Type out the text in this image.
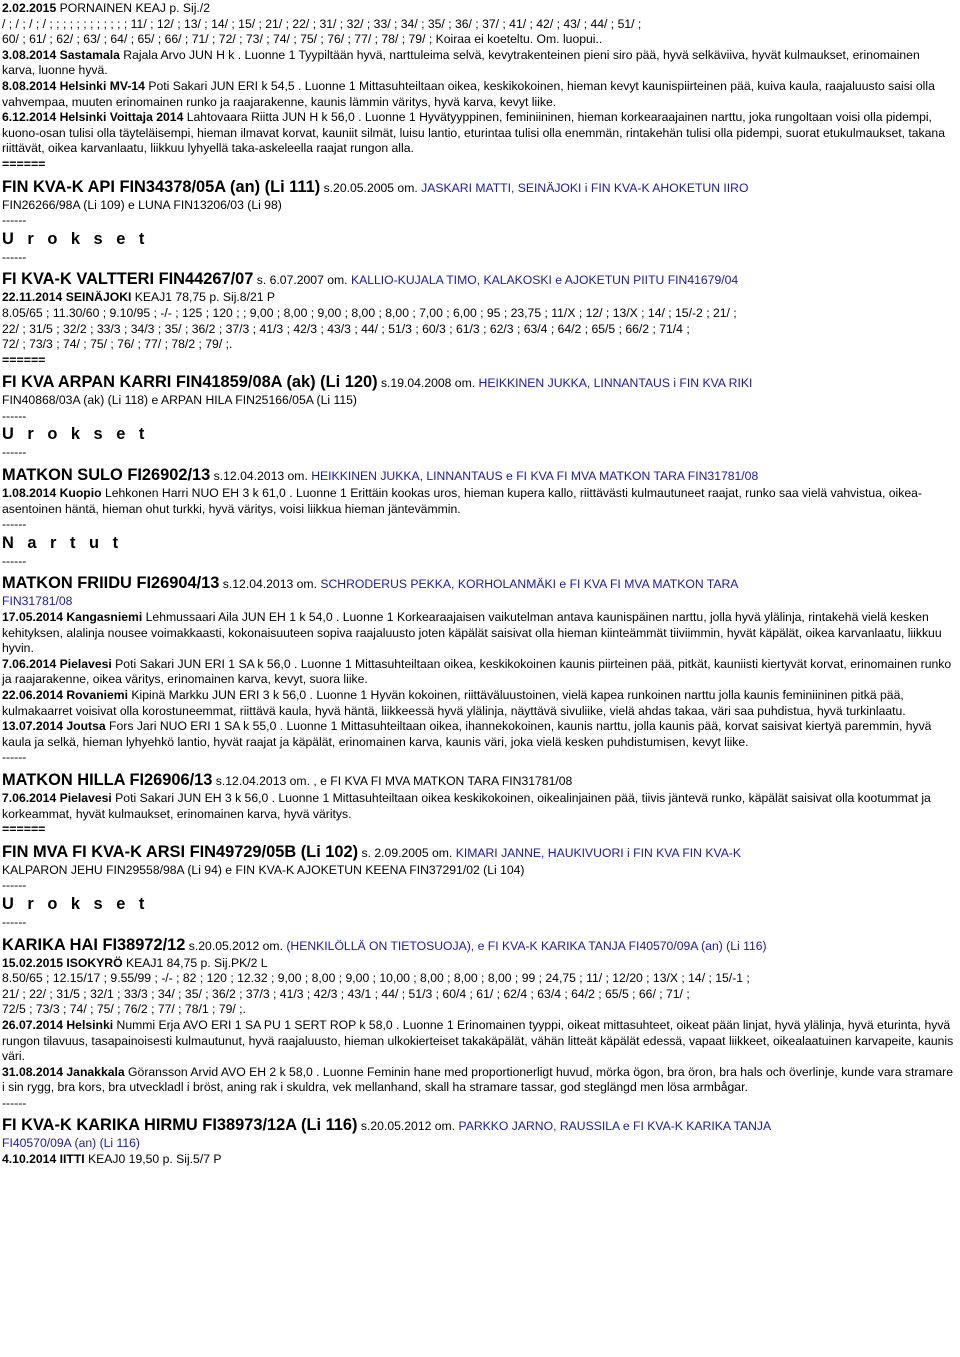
2.02.2015 PORNAINEN KEAJ p. Sij./2
/ ; / ; / ; / ; ; ; ; ; ; ; ; ; ; ; ; 11/ ; 12/ ; 13/ ; 14/ ; 15/ ; 21/ ; 22/ ; 31/ ; 32/ ; 33/ ; 34/ ; 35/ ; 36/ ; 37/ ; 41/ ; 42/ ; 43/ ; 44/ ; 51/ ;
60/ ; 61/ ; 62/ ; 63/ ; 64/ ; 65/ ; 66/ ; 71/ ; 72/ ; 73/ ; 74/ ; 75/ ; 76/ ; 77/ ; 78/ ; 79/ ; Koiraa ei koeteltu. Om. luopui..
3.08.2014 Sastamala Rajala Arvo JUN H k . Luonne 1 Tyypiltään hyvä, narttuleima selvä, kevytrakenteinen pieni siro pää, hyvä selkäviiva, hyvät kulmaukset, erinomainen karva, luonne hyvä.
8.08.2014 Helsinki MV-14 Poti Sakari JUN ERI k 54,5 . Luonne 1 Mittasuhteiltaan oikea, keskikokoinen, hieman kevyt kaunispiirteinen pää, kuiva kaula, raajaluusto saisi olla vahvempaa, muuten erinomainen runko ja raajarakenne, kaunis lämmin väritys, hyvä karva, kevyt liike.
6.12.2014 Helsinki Voittaja 2014 Lahtovaara Riitta JUN H k 56,0 . Luonne 1 Hyvätyyppinen, feminiininen, hieman korkearaajainen narttu, joka rungoltaan voisi olla pidempi, kuono-osan tulisi olla täyteläisempi, hieman ilmavat korvat, kauniit silmät, luisu lantio, eturintaa tulisi olla enemmän, rintakehän tulisi olla pidempi, suorat etukulmaukset, takana riittävät, oikea karvanlaatu, liikkuu lyhyellä taka-askeleella raajat rungon alla.
======
FIN KVA-K API FIN34378/05A (an) (Li 111) s.20.05.2005 om. JASKARI MATTI, SEINÄJOKI i FIN KVA-K AHOKETUN IIRO
FIN26266/98A (Li 109) e LUNA FIN13206/03 (Li 98)
------
U r o k s e t
------
FI KVA-K VALTTERI FIN44267/07 s. 6.07.2007 om. KALLIO-KUJALA TIMO, KALAKOSKI e AJOKETUN PIITU FIN41679/04
22.11.2014 SEINÄJOKI KEAJ1 78,75 p. Sij.8/21 P
8.05/65 ; 11.30/60 ; 9.10/95 ; -/- ; 125 ; 120 ; ; 9,00 ; 8,00 ; 9,00 ; 8,00 ; 8,00 ; 7,00 ; 6,00 ; 95 ; 23,75 ; 11/X ; 12/ ; 13/X ; 14/ ; 15/-2 ; 21/ ;
22/ ; 31/5 ; 32/2 ; 33/3 ; 34/3 ; 35/ ; 36/2 ; 37/3 ; 41/3 ; 42/3 ; 43/3 ; 44/ ; 51/3 ; 60/3 ; 61/3 ; 62/3 ; 63/4 ; 64/2 ; 65/5 ; 66/2 ; 71/4 ;
72/ ; 73/3 ; 74/ ; 75/ ; 76/ ; 77/ ; 78/2 ; 79/ ;.
======
FI KVA ARPAN KARRI FIN41859/08A (ak) (Li 120) s.19.04.2008 om. HEIKKINEN JUKKA, LINNANTAUS i FIN KVA RIKI
FIN40868/03A (ak) (Li 118) e ARPAN HILA FIN25166/05A (Li 115)
------
U r o k s e t
------
MATKON SULO FI26902/13 s.12.04.2013 om. HEIKKINEN JUKKA, LINNANTAUS e FI KVA FI MVA MATKON TARA FIN31781/08
1.08.2014 Kuopio Lehkonen Harri NUO EH 3 k 61,0 . Luonne 1 Erittäin kookas uros, hieman kupera kallo, riittävästi kulmautuneet raajat, runko saa vielä vahvistua, oikea-asentoinen häntä, hieman ohut turkki, hyvä väritys, voisi liikkua hieman jäntevämmin.
------
N a r t u t
------
MATKON FRIIDU FI26904/13 s.12.04.2013 om. SCHRODERUS PEKKA, KORHOLANMÄKI e FI KVA FI MVA MATKON TARA
FIN31781/08
17.05.2014 Kangasniemi Lehmussaari Aila JUN EH 1 k 54,0 . Luonne 1 Korkearaajaisen vaikutelman antava kaunispäinen narttu, jolla hyvä ylälinja, rintakehä vielä kesken kehityksen, alalinja nousee voimakkaasti, kokonaisuuteen sopiva raajaluusto joten käpälät saisivat olla hieman kiinteämmät tiiviimmin, hyvät käpälät, oikea karvanlaatu, liikkuu hyvin.
7.06.2014 Pielavesi Poti Sakari JUN ERI 1 SA k 56,0 . Luonne 1 Mittasuhteiltaan oikea, keskikokoinen kaunis piirteinen pää, pitkät, kauniisti kiertyvät korvat, erinomainen runko ja raajarakenne, oikea väritys, erinomainen karva, kevyt, suora liike.
22.06.2014 Rovaniemi Kipinä Markku JUN ERI 3 k 56,0 . Luonne 1 Hyvän kokoinen, riittäväluustoinen, vielä kapea runkoinen narttu jolla kaunis feminiininen pitkä pää, kulmakaarret voisivat olla korostuneemmat, riittävä kaula, hyvä häntä, liikkeessä hyvä ylälinja, näyttävä sivuliike, vielä ahdas takaa, väri saa puhdistua, hyvä turkinlaatu.
13.07.2014 Joutsa Fors Jari NUO ERI 1 SA k 55,0 . Luonne 1 Mittasuhteiltaan oikea, ihannekokoinen, kaunis narttu, jolla kaunis pää, korvat saisivat kiertyä paremmin, hyvä kaula ja selkä, hieman lyhyehkö lantio, hyvät raajat ja käpälät, erinomainen karva, kaunis väri, joka vielä kesken puhdistumisen, kevyt liike.
------
MATKON HILLA FI26906/13 s.12.04.2013 om. , e FI KVA FI MVA MATKON TARA FIN31781/08
7.06.2014 Pielavesi Poti Sakari JUN EH 3 k 56,0 . Luonne 1 Mittasuhteiltaan oikea keskikokoinen, oikealinjainen pää, tiivis jäntevä runko, käpälät saisivat olla kootummat ja korkeammat, hyvät kulmaukset, erinomainen karva, hyvä väritys.
======
FIN MVA FI KVA-K ARSI FIN49729/05B (Li 102) s. 2.09.2005 om. KIMARI JANNE, HAUKIVUORI i FIN KVA FIN KVA-K
KALPARON JEHU FIN29558/98A (Li 94) e FIN KVA-K AJOKETUN KEENA FIN37291/02 (Li 104)
------
U r o k s e t
------
KARIKA HAI FI38972/12 s.20.05.2012 om. (HENKILÖLLÄ ON TIETOSUOJA), e FI KVA-K KARIKA TANJA FI40570/09A (an) (Li 116)
15.02.2015 ISOKYRÖ KEAJ1 84,75 p. Sij.PK/2 L
8.50/65 ; 12.15/17 ; 9.55/99 ; -/- ; 82 ; 120 ; 12.32 ; 9,00 ; 8,00 ; 9,00 ; 10,00 ; 8,00 ; 8,00 ; 8,00 ; 99 ; 24,75 ; 11/ ; 12/20 ; 13/X ; 14/ ; 15/-1 ;
21/ ; 22/ ; 31/5 ; 32/1 ; 33/3 ; 34/ ; 35/ ; 36/2 ; 37/3 ; 41/3 ; 42/3 ; 43/1 ; 44/ ; 51/3 ; 60/4 ; 61/ ; 62/4 ; 63/4 ; 64/2 ; 65/5 ; 66/ ; 71/ ;
72/5 ; 73/3 ; 74/ ; 75/ ; 76/2 ; 77/ ; 78/1 ; 79/ ;.
26.07.2014 Helsinki Nummi Erja AVO ERI 1 SA PU 1 SERT ROP k 58,0 . Luonne 1 Erinomainen tyyppi, oikeat mittasuhteet, oikeat pään linjat, hyvä ylälinja, hyvä eturinta, hyvä rungon tilavuus, tasapainoisesti kulmautunut, hyvä raajaluusto, hieman ulkokierteiset takakäpälät, vähän litteät käpälät edessä, vapaat liikkeet, oikealaatuinen karvapeite, kaunis väri.
31.08.2014 Janakkala Göransson Arvid AVO EH 2 k 58,0 . Luonne Feminin hane med proportionerligt huvud, mörka ögon, bra öron, bra hals och överlinje, kunde vara stramare i sin rygg, bra kors, bra utveckladl i bröst, aning rak i skuldra, vek mellanhand, skall ha stramare tassar, god steglängd men lösa armbågar.
------
FI KVA-K KARIKA HIRMU FI38973/12A (Li 116) s.20.05.2012 om. PARKKO JARNO, RAUSSILA e FI KVA-K KARIKA TANJA
FI40570/09A (an) (Li 116)
4.10.2014 IITTI KEAJ0 19,50 p. Sij.5/7 P
